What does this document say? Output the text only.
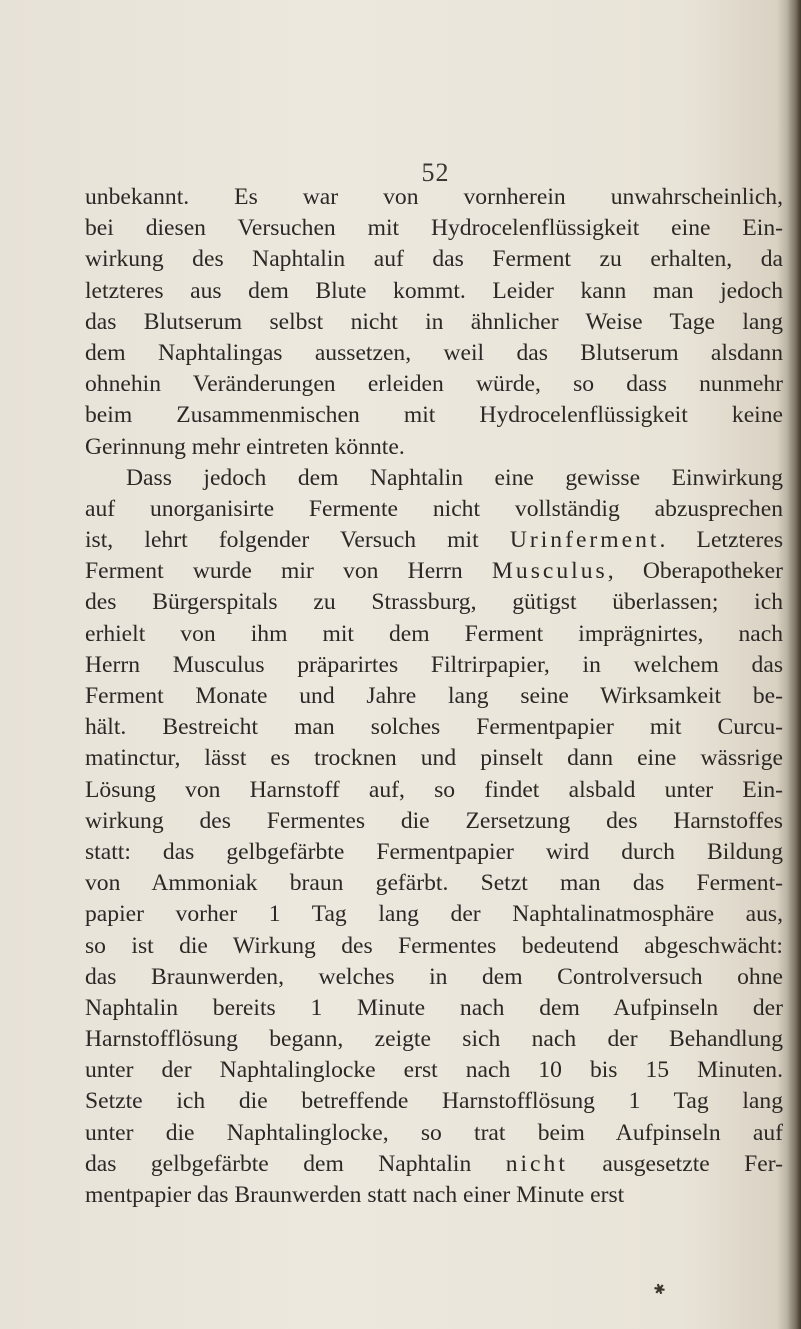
52
unbekannt. Es war von vornherein unwahrscheinlich,
bei diesen Versuchen mit Hydrocelenflüssigkeit eine Ein-
wirkung des Naphtalin auf das Ferment zu erhalten, da
letzteres aus dem Blute kommt. Leider kann man jedoch
das Blutserum selbst nicht in ähnlicher Weise Tage lang
dem Naphtalingas aussetzen, weil das Blutserum alsdann
ohnehin Veränderungen erleiden würde, so dass nunmehr
beim Zusammenmischen mit Hydrocelenflüssigkeit keine
Gerinnung mehr eintreten könnte.
Dass jedoch dem Naphtalin eine gewisse Einwirkung
auf unorganisirte Fermente nicht vollständig abzusprechen
ist, lehrt folgender Versuch mit Urinferment. Letzteres
Ferment wurde mir von Herrn Musculus, Oberapotheker
des Bürgerspitals zu Strassburg, gütigst überlassen; ich
erhielt von ihm mit dem Ferment imprägnirtes, nach
Herrn Musculus präparirtes Filtrirpapier, in welchem das
Ferment Monate und Jahre lang seine Wirksamkeit be-
hält. Bestreicht man solches Fermentpapier mit Curcu-
matinctur, lässt es trocknen und pinselt dann eine wässrige
Lösung von Harnstoff auf, so findet alsbald unter Ein-
wirkung des Fermentes die Zersetzung des Harnstoffes
statt: das gelbgefärbte Fermentpapier wird durch Bildung
von Ammoniak braun gefärbt. Setzt man das Ferment-
papier vorher 1 Tag lang der Naphtalinatmosphäre aus,
so ist die Wirkung des Fermentes bedeutend abgeschwächt:
das Braunwerden, welches in dem Controlversuch ohne
Naphtalin bereits 1 Minute nach dem Aufpinseln der
Harnstofflösung begann, zeigte sich nach der Behandlung
unter der Naphtalinglocke erst nach 10 bis 15 Minuten.
Setzte ich die betreffende Harnstofflösung 1 Tag lang
unter die Naphtalinglocke, so trat beim Aufpinseln auf
das gelbgefärbte dem Naphtalin nicht ausgesetzte Fer-
mentpapier das Braunwerden statt nach einer Minute erst
✱
